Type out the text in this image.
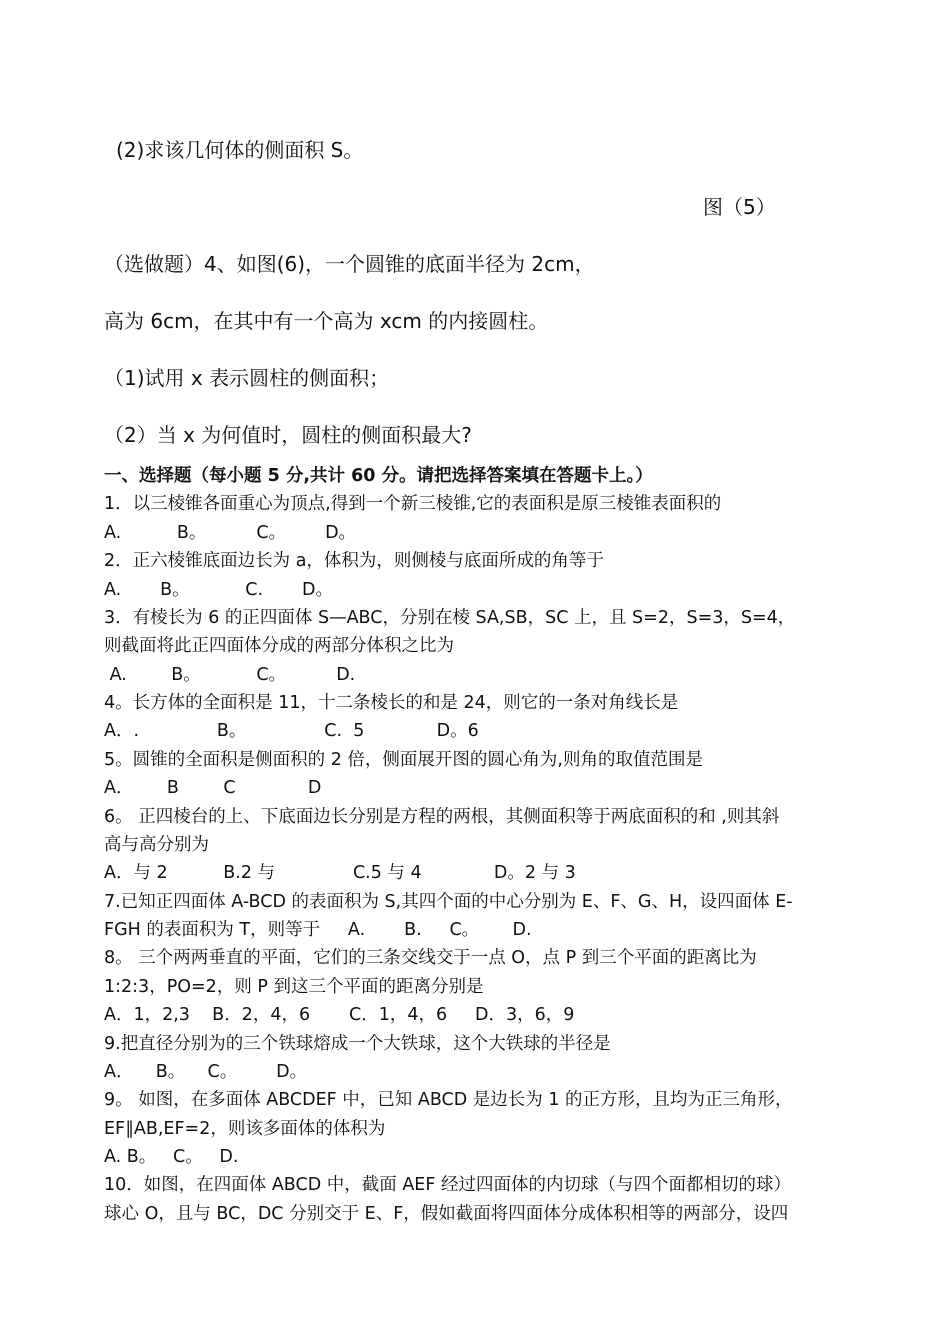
(2)求该几何体的侧面积 S。
图（5）
（选做题）4、如图(6)，一个圆锥的底面半径为 2cm，
高为 6cm，在其中有一个高为 xcm 的内接圆柱。
（1)试用 x 表示圆柱的侧面积；
（2）当 x 为何值时，圆柱的侧面积最大?
一、选择题（每小题 5 分,共计 60 分。请把选择答案填在答题卡上。）
1．以三棱锥各面重心为顶点,得到一个新三棱锥,它的表面积是原三棱锥表面积的
A.          B。         C。       D。
2．正六棱锥底面边长为 a，体积为，则侧棱与底面所成的角等于
A.       B。          C.       D。
3．有棱长为 6 的正四面体 S—ABC，分别在棱 SA,SB，SC 上，且 S=2，S=3，S=4，
则截面将此正四面体分成的两部分体积之比为
A.        B。          C。         D.
4。长方体的全面积是 11，十二条棱长的和是 24，则它的一条对角线长是
A．.              B。              C.  5             D。6
5。圆锥的全面积是侧面积的 2 倍，侧面展开图的圆心角为,则角的取值范围是
A．      B        C             D
6。 正四棱台的上、下底面边长分别是方程的两根，其侧面积等于两底面积的和 ,则其斜
高与高分别为
A．与 2          B.2 与              C.5 与 4             D。2 与 3
7.已知正四面体 A-BCD 的表面积为 S,其四个面的中心分别为 E、F、G、H，设四面体 E-
FGH 的表面积为 T，则等于     A.       B.     C。      D.
8。 三个两两垂直的平面，它们的三条交线交于一点 O，点 P 到三个平面的距离比为
1:2:3，PO=2，则 P 到这三个平面的距离分别是
A．1，2,3    B．2，4，6       C．1，4，6     D．3，6，9
9.把直径分别为的三个铁球熔成一个大铁球，这个大铁球的半径是
A．    B。    C。       D。
9。 如图，在多面体 ABCDEF 中，已知 ABCD 是边长为 1 的正方形，且均为正三角形，
EF∥AB,EF=2，则该多面体的体积为
A. B。   C。   D.
10．如图，在四面体 ABCD 中，截面 AEF 经过四面体的内切球（与四个面都相切的球）
球心 O，且与 BC，DC 分别交于 E、F，假如截面将四面体分成体积相等的两部分，设四
